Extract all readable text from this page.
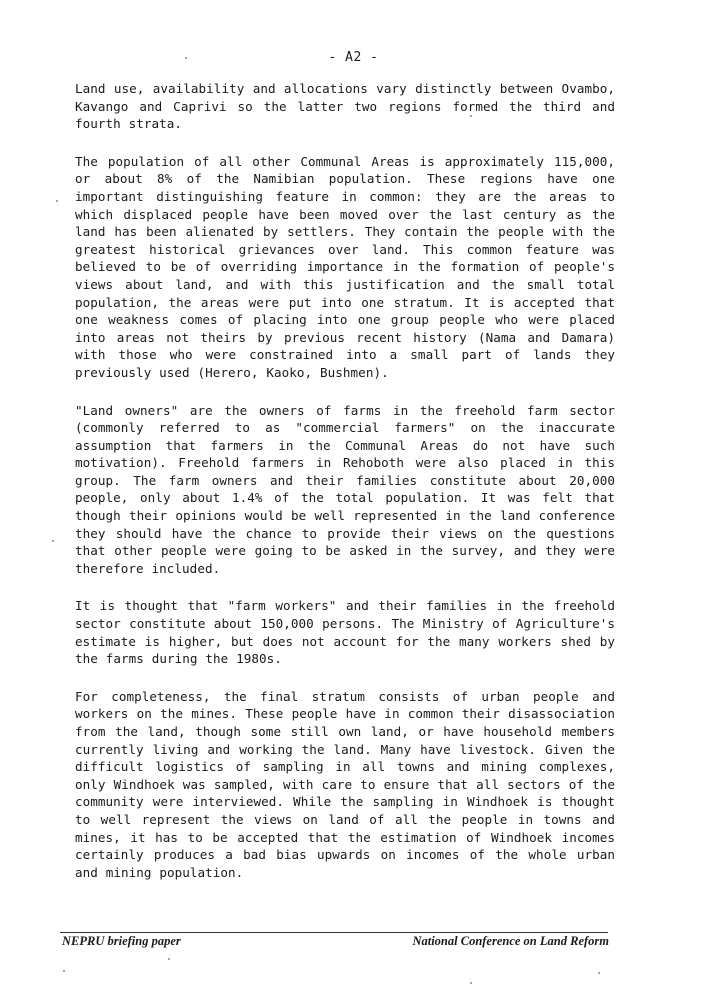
- A2 -

Land use, availability and allocations vary distinctly between Ovambo, Kavango and Caprivi so the latter two regions formed the third and fourth strata.

The population of all other Communal Areas is approximately 115,000, or about 8% of the Namibian population. These regions have one important distinguishing feature in common: they are the areas to which displaced people have been moved over the last century as the land has been alienated by settlers. They contain the people with the greatest historical grievances over land. This common feature was believed to be of overriding importance in the formation of people's views about land, and with this justification and the small total population, the areas were put into one stratum. It is accepted that one weakness comes of placing into one group people who were placed into areas not theirs by previous recent history (Nama and Damara) with those who were constrained into a small part of lands they previously used (Herero, Kaoko, Bushmen).

"Land owners" are the owners of farms in the freehold farm sector (commonly referred to as "commercial farmers" on the inaccurate assumption that farmers in the Communal Areas do not have such motivation). Freehold farmers in Rehoboth were also placed in this group. The farm owners and their families constitute about 20,000 people, only about 1.4% of the total population. It was felt that though their opinions would be well represented in the land conference they should have the chance to provide their views on the questions that other people were going to be asked in the survey, and they were therefore included.

It is thought that "farm workers" and their families in the freehold sector constitute about 150,000 persons. The Ministry of Agriculture's estimate is higher, but does not account for the many workers shed by the farms during the 1980s.

For completeness, the final stratum consists of urban people and workers on the mines. These people have in common their disassociation from the land, though some still own land, or have household members currently living and working the land. Many have livestock. Given the difficult logistics of sampling in all towns and mining complexes, only Windhoek was sampled, with care to ensure that all sectors of the community were interviewed. While the sampling in Windhoek is thought to well represent the views on land of all the people in towns and mines, it has to be accepted that the estimation of Windhoek incomes certainly produces a bad bias upwards on incomes of the whole urban and mining population.

NEPRU briefing paper	National Conference on Land Reform
